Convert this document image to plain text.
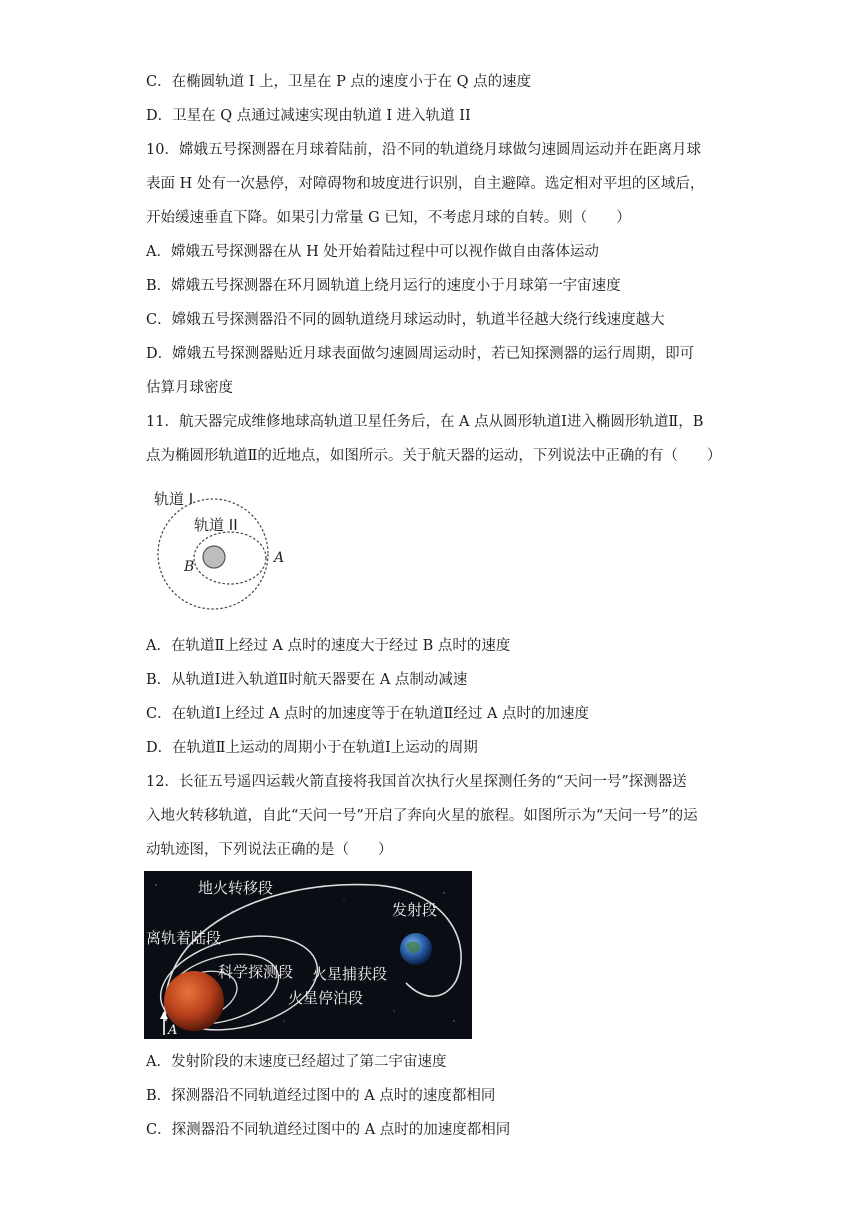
C．在椭圆轨道 I 上，卫星在 P 点的速度小于在 Q 点的速度
D．卫星在 Q 点通过减速实现由轨道 I 进入轨道 II
10．嫦娥五号探测器在月球着陆前，沿不同的轨道绕月球做匀速圆周运动并在距离月球
表面 H 处有一次悬停，对障碍物和坡度进行识别，自主避障。选定相对平坦的区域后，
开始缓速垂直下降。如果引力常量 G 已知，不考虑月球的自转。则（　　）
A．嫦娥五号探测器在从 H 处开始着陆过程中可以视作做自由落体运动
B．嫦娥五号探测器在环月圆轨道上绕月运行的速度小于月球第一宇宙速度
C．嫦娥五号探测器沿不同的圆轨道绕月球运动时，轨道半径越大绕行线速度越大
D．嫦娥五号探测器贴近月球表面做匀速圆周运动时，若已知探测器的运行周期，即可
估算月球密度
11．航天器完成维修地球高轨道卫星任务后，在 A 点从圆形轨道Ⅰ进入椭圆形轨道Ⅱ，B
点为椭圆形轨道Ⅱ的近地点，如图所示。关于航天器的运动，下列说法中正确的有（　　）
轨道 I
轨道 II
B
A
A．在轨道Ⅱ上经过 A 点时的速度大于经过 B 点时的速度
B．从轨道Ⅰ进入轨道Ⅱ时航天器要在 A 点制动减速
C．在轨道Ⅰ上经过 A 点时的加速度等于在轨道Ⅱ经过 A 点时的加速度
D．在轨道Ⅱ上运动的周期小于在轨道Ⅰ上运动的周期
12．长征五号遥四运载火箭直接将我国首次执行火星探测任务的“天问一号”探测器送
入地火转移轨道，自此“天问一号”开启了奔向火星的旅程。如图所示为“天问一号”的运
动轨迹图，下列说法正确的是（　　）
地火转移段
发射段
离轨着陆段
科学探测段 火星捕获段
火星停泊段
A
A．发射阶段的末速度已经超过了第二宇宙速度
B．探测器沿不同轨道经过图中的 A 点时的速度都相同
C．探测器沿不同轨道经过图中的 A 点时的加速度都相同
